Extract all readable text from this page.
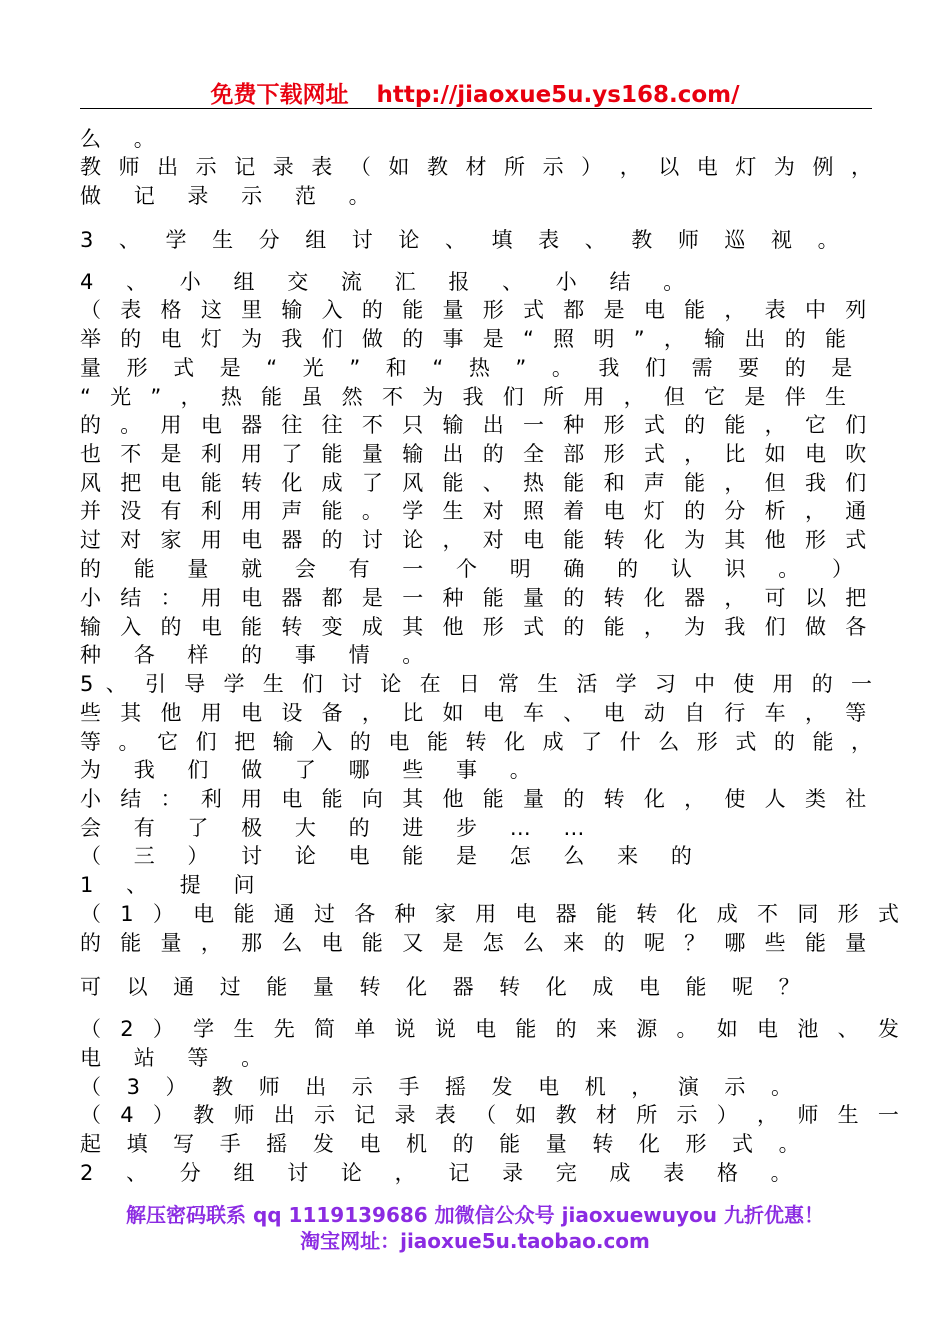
免费下载网址 http://jiaoxue5u.ys168.com/
么 。
教 师 出 示 记 录 表 （ 如 教 材 所 示 ） ， 以 电 灯 为 例 ，
做 记 录 示 范 。
3 、 学 生 分 组 讨 论 、 填 表 、 教 师 巡 视 。
4 、 小 组 交 流 汇 报 、 小 结 。
（ 表 格 这 里 输 入 的 能 量 形 式 都 是 电 能 ， 表 中 列
举 的 电 灯 为 我 们 做 的 事 是 “ 照 明 ” ， 输 出 的 能
量 形 式 是 “ 光 ” 和 “ 热 ” 。 我 们 需 要 的 是
“ 光 ” ， 热 能 虽 然 不 为 我 们 所 用 ， 但 它 是 伴 生
的 。 用 电 器 往 往 不 只 输 出 一 种 形 式 的 能 ， 它 们
也 不 是 利 用 了 能 量 输 出 的 全 部 形 式 ， 比 如 电 吹
风 把 电 能 转 化 成 了 风 能 、 热 能 和 声 能 ， 但 我 们
并 没 有 利 用 声 能 。 学 生 对 照 着 电 灯 的 分 析 ， 通
过 对 家 用 电 器 的 讨 论 ， 对 电 能 转 化 为 其 他 形 式
的 能 量 就 会 有 一 个 明 确 的 认 识 。 ）
小 结 ： 用 电 器 都 是 一 种 能 量 的 转 化 器 ， 可 以 把
输 入 的 电 能 转 变 成 其 他 形 式 的 能 ， 为 我 们 做 各
种 各 样 的 事 情 。
5 、 引 导 学 生 们 讨 论 在 日 常 生 活 学 习 中 使 用 的 一
些 其 他 用 电 设 备 ， 比 如 电 车 、 电 动 自 行 车 ， 等
等 。 它 们 把 输 入 的 电 能 转 化 成 了 什 么 形 式 的 能 ，
为 我 们 做 了 哪 些 事 。
小 结 ： 利 用 电 能 向 其 他 能 量 的 转 化 ， 使 人 类 社
会 有 了 极 大 的 进 步 … …
（ 三 ） 讨 论 电 能 是 怎 么 来 的
1 、 提 问
（ 1 ） 电 能 通 过 各 种 家 用 电 器 能 转 化 成 不 同 形 式
的 能 量 ， 那 么 电 能 又 是 怎 么 来 的 呢 ？ 哪 些 能 量
可 以 通 过 能 量 转 化 器 转 化 成 电 能 呢 ？
（ 2 ） 学 生 先 简 单 说 说 电 能 的 来 源 。 如 电 池 、 发
电 站 等 。
（ 3 ） 教 师 出 示 手 摇 发 电 机 ， 演 示 。
（ 4 ） 教 师 出 示 记 录 表 （ 如 教 材 所 示 ） ， 师 生 一
起 填 写 手 摇 发 电 机 的 能 量 转 化 形 式 。
2 、 分 组 讨 论 ， 记 录 完 成 表 格 。
解压密码联系 qq 1119139686 加微信公众号 jiaoxuewuyou 九折优惠！
淘宝网址：jiaoxue5u.taobao.com
